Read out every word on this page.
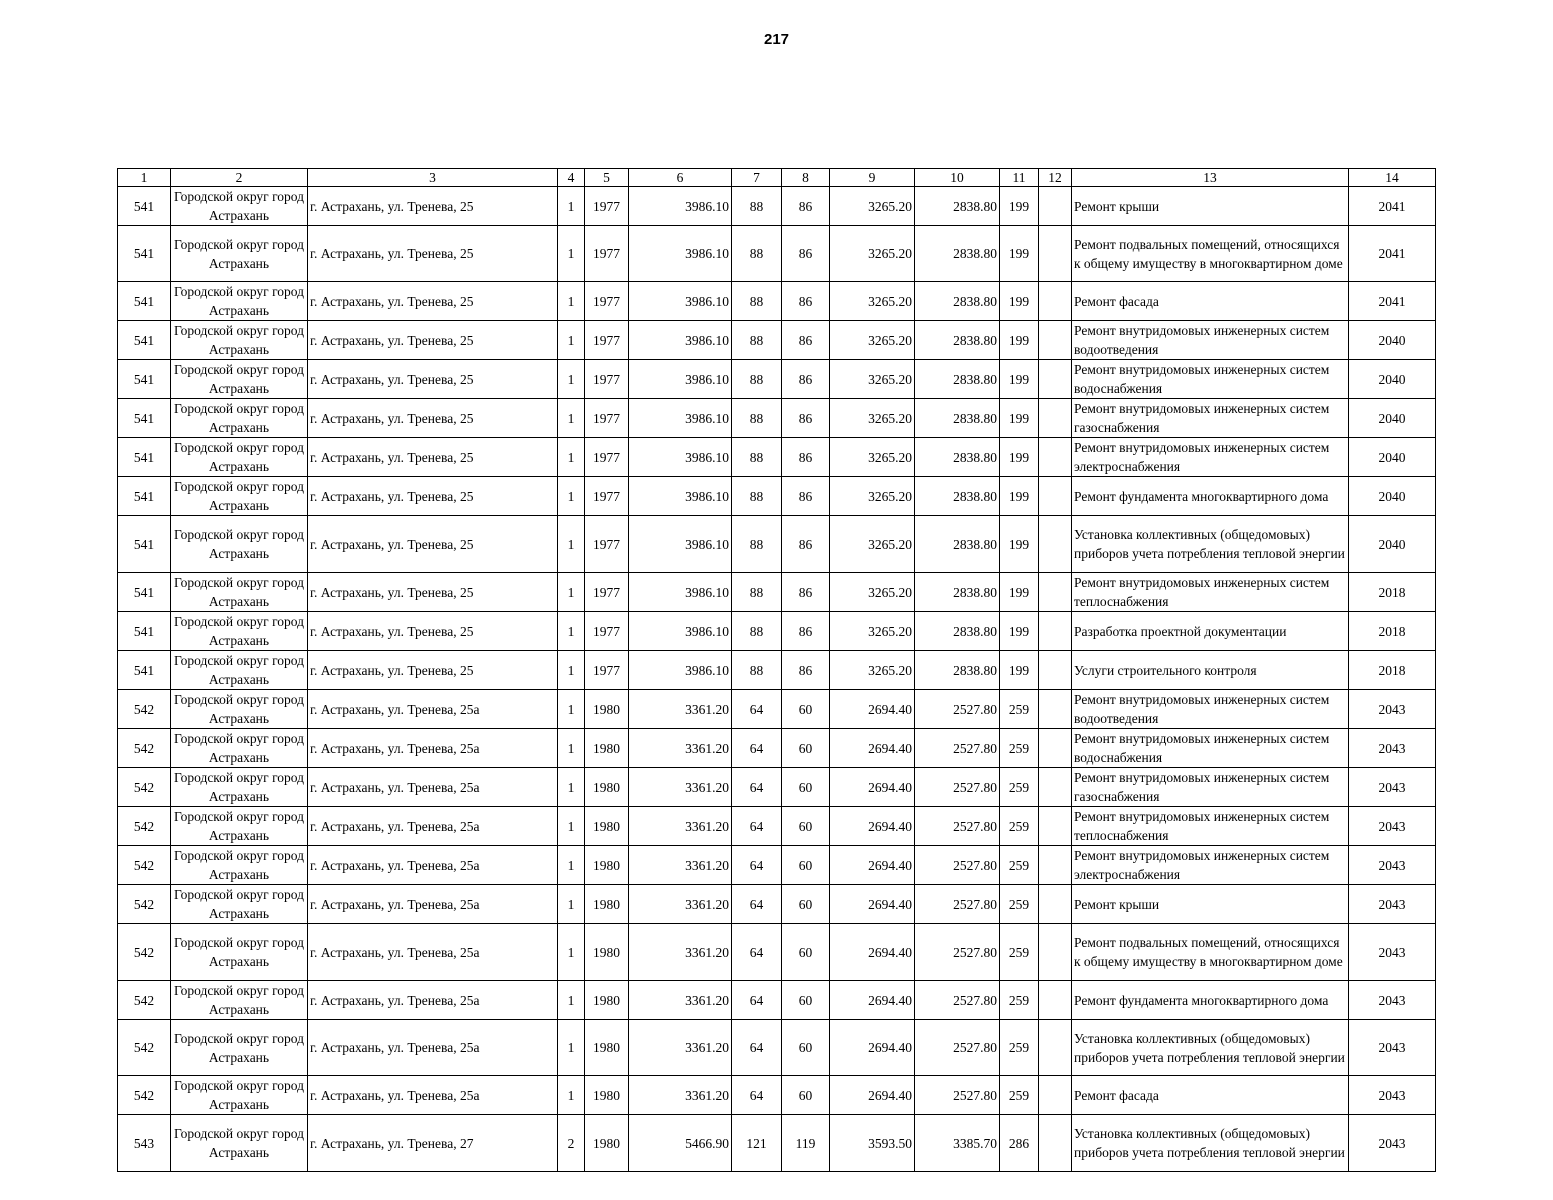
217
1	2	3	4	5	6	7	8	9	10	11	12	13	14
541	Городской округ город Астрахань	г. Астрахань, ул. Тренева, 25	1	1977	3986.10	88	86	3265.20	2838.80	199		Ремонт крыши	2041
541	Городской округ город Астрахань	г. Астрахань, ул. Тренева, 25	1	1977	3986.10	88	86	3265.20	2838.80	199		Ремонт подвальных помещений, относящихся к общему имуществу в многоквартирном доме	2041
541	Городской округ город Астрахань	г. Астрахань, ул. Тренева, 25	1	1977	3986.10	88	86	3265.20	2838.80	199		Ремонт фасада	2041
541	Городской округ город Астрахань	г. Астрахань, ул. Тренева, 25	1	1977	3986.10	88	86	3265.20	2838.80	199		Ремонт внутридомовых инженерных систем водоотведения	2040
541	Городской округ город Астрахань	г. Астрахань, ул. Тренева, 25	1	1977	3986.10	88	86	3265.20	2838.80	199		Ремонт внутридомовых инженерных систем водоснабжения	2040
541	Городской округ город Астрахань	г. Астрахань, ул. Тренева, 25	1	1977	3986.10	88	86	3265.20	2838.80	199		Ремонт внутридомовых инженерных систем газоснабжения	2040
541	Городской округ город Астрахань	г. Астрахань, ул. Тренева, 25	1	1977	3986.10	88	86	3265.20	2838.80	199		Ремонт внутридомовых инженерных систем электроснабжения	2040
541	Городской округ город Астрахань	г. Астрахань, ул. Тренева, 25	1	1977	3986.10	88	86	3265.20	2838.80	199		Ремонт фундамента многоквартирного дома	2040
541	Городской округ город Астрахань	г. Астрахань, ул. Тренева, 25	1	1977	3986.10	88	86	3265.20	2838.80	199		Установка коллективных (общедомовых) приборов учета потребления тепловой энергии	2040
541	Городской округ город Астрахань	г. Астрахань, ул. Тренева, 25	1	1977	3986.10	88	86	3265.20	2838.80	199		Ремонт внутридомовых инженерных систем теплоснабжения	2018
541	Городской округ город Астрахань	г. Астрахань, ул. Тренева, 25	1	1977	3986.10	88	86	3265.20	2838.80	199		Разработка проектной документации	2018
541	Городской округ город Астрахань	г. Астрахань, ул. Тренева, 25	1	1977	3986.10	88	86	3265.20	2838.80	199		Услуги строительного контроля	2018
542	Городской округ город Астрахань	г. Астрахань, ул. Тренева, 25а	1	1980	3361.20	64	60	2694.40	2527.80	259		Ремонт внутридомовых инженерных систем водоотведения	2043
542	Городской округ город Астрахань	г. Астрахань, ул. Тренева, 25а	1	1980	3361.20	64	60	2694.40	2527.80	259		Ремонт внутридомовых инженерных систем водоснабжения	2043
542	Городской округ город Астрахань	г. Астрахань, ул. Тренева, 25а	1	1980	3361.20	64	60	2694.40	2527.80	259		Ремонт внутридомовых инженерных систем газоснабжения	2043
542	Городской округ город Астрахань	г. Астрахань, ул. Тренева, 25а	1	1980	3361.20	64	60	2694.40	2527.80	259		Ремонт внутридомовых инженерных систем теплоснабжения	2043
542	Городской округ город Астрахань	г. Астрахань, ул. Тренева, 25а	1	1980	3361.20	64	60	2694.40	2527.80	259		Ремонт внутридомовых инженерных систем электроснабжения	2043
542	Городской округ город Астрахань	г. Астрахань, ул. Тренева, 25а	1	1980	3361.20	64	60	2694.40	2527.80	259		Ремонт крыши	2043
542	Городской округ город Астрахань	г. Астрахань, ул. Тренева, 25а	1	1980	3361.20	64	60	2694.40	2527.80	259		Ремонт подвальных помещений, относящихся к общему имуществу в многоквартирном доме	2043
542	Городской округ город Астрахань	г. Астрахань, ул. Тренева, 25а	1	1980	3361.20	64	60	2694.40	2527.80	259		Ремонт фундамента многоквартирного дома	2043
542	Городской округ город Астрахань	г. Астрахань, ул. Тренева, 25а	1	1980	3361.20	64	60	2694.40	2527.80	259		Установка коллективных (общедомовых) приборов учета потребления тепловой энергии	2043
542	Городской округ город Астрахань	г. Астрахань, ул. Тренева, 25а	1	1980	3361.20	64	60	2694.40	2527.80	259		Ремонт фасада	2043
543	Городской округ город Астрахань	г. Астрахань, ул. Тренева, 27	2	1980	5466.90	121	119	3593.50	3385.70	286		Установка коллективных (общедомовых) приборов учета потребления тепловой энергии	2043
